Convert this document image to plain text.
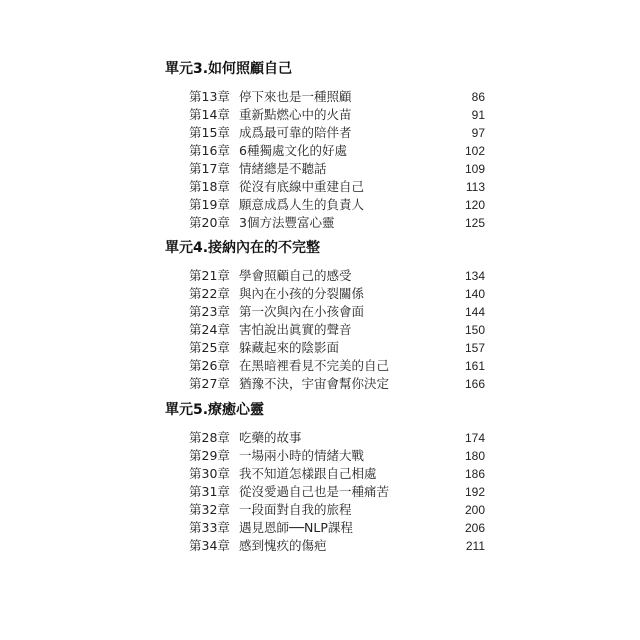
單元3.如何照顧自己
第13章 停下來也是一種照顧	86
第14章 重新點燃心中的火苗	91
第15章 成爲最可靠的陪伴者	97
第16章 6種獨處文化的好處	102
第17章 情緒總是不聽話	109
第18章 從沒有底線中重建自己	113
第19章 願意成爲人生的負責人	120
第20章 3個方法豐富心靈	125
單元4.接納內在的不完整
第21章 學會照顧自己的感受	134
第22章 與內在小孩的分裂關係	140
第23章 第一次與內在小孩會面	144
第24章 害怕說出眞實的聲音	150
第25章 躲藏起來的陰影面	157
第26章 在黑暗裡看見不完美的自己	161
第27章 猶豫不決，宇宙會幫你決定	166
單元5.療癒心靈
第28章 吃藥的故事	174
第29章 一場兩小時的情緒大戰	180
第30章 我不知道怎樣跟自己相處	186
第31章 從沒愛過自己也是一種痛苦	192
第32章 一段面對自我的旅程	200
第33章 遇見恩師──NLP課程	206
第34章 感到愧疚的傷疤	211
